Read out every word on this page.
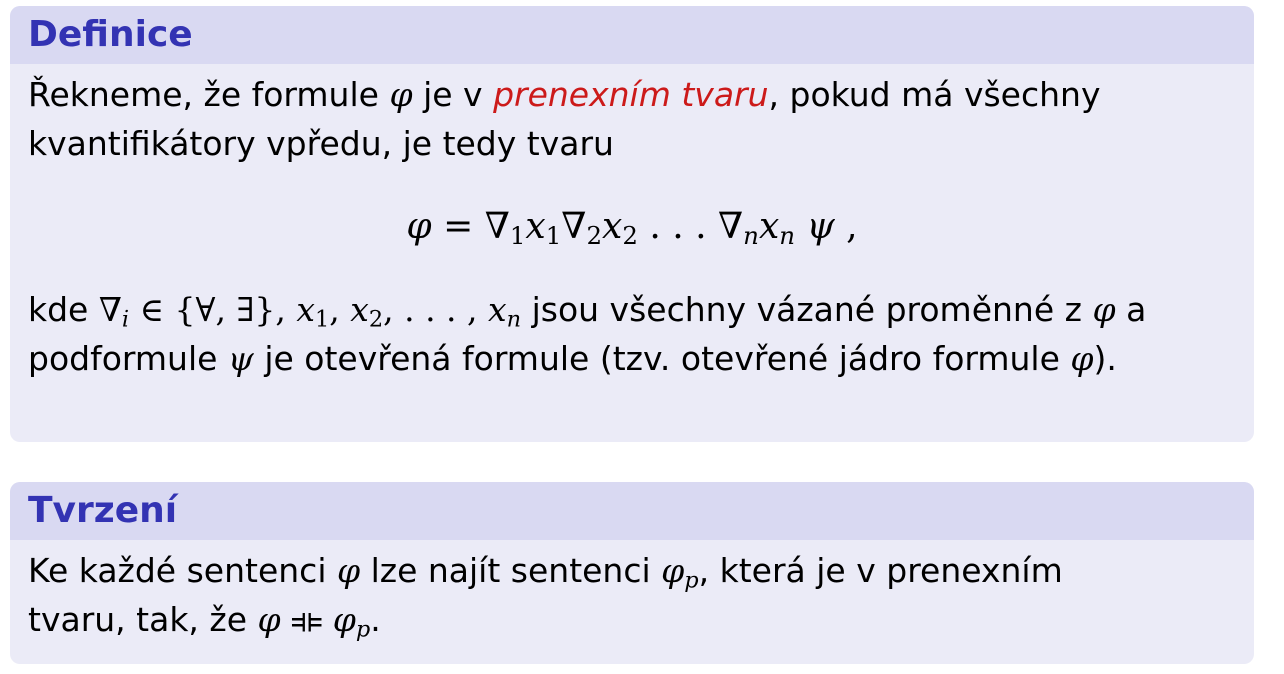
Definice

Řekneme, že formule φ je v prenexním tvaru, pokud má všechny

kvantifikátory vpředu, je tedy tvaru

$\varphi = \nabla_1x_1\nabla_2x_2$ . . . $\nabla_nx_n$ ψ ,

kde $\nabla_i$ ∈ {∀, ∃}, $x_1$, $x_2$, . . . , $x_n$ jsou všechny vázané proměnné z φ a

podformule ψ je otevřená formule (tzv. otevřené jádro formule φ).

Tvrzení

Ke každé sentenci φ lze najít sentenci $\varphi_p$, která je v prenexním

tvaru, tak, že φ ⟚ $\varphi_p$.
